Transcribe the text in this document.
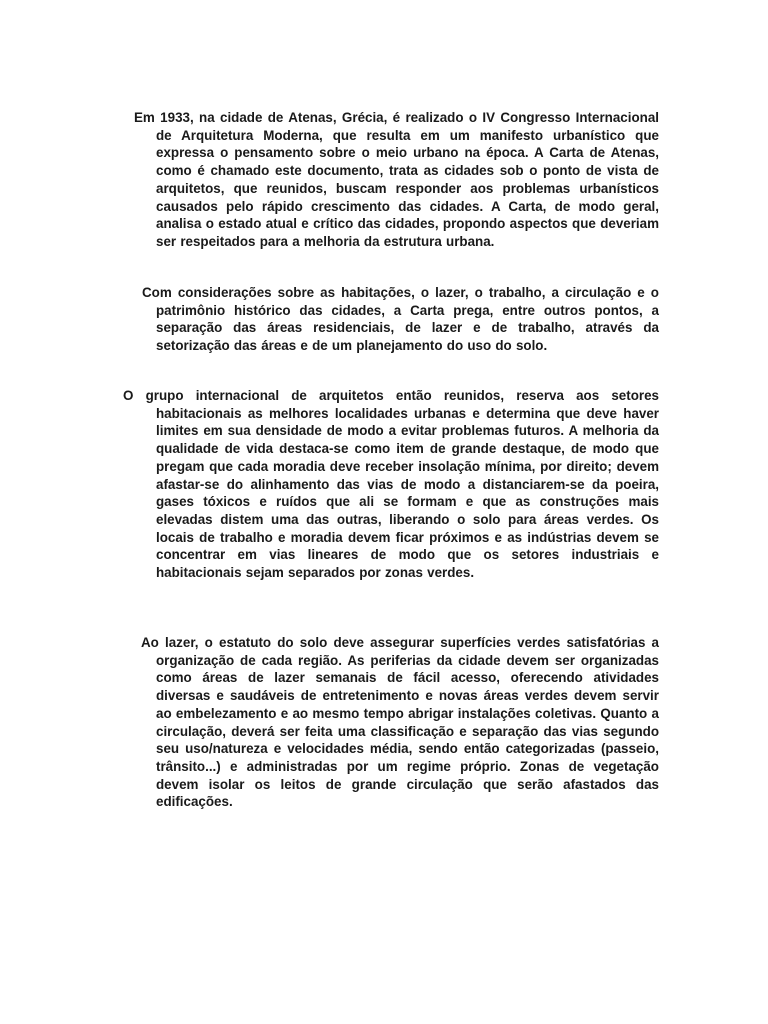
Em 1933, na cidade de Atenas, Grécia, é realizado o IV Congresso Internacional de Arquitetura Moderna, que resulta em um manifesto urbanístico que expressa o pensamento sobre o meio urbano na época. A Carta de Atenas, como é chamado este documento, trata as cidades sob o ponto de vista de arquitetos, que reunidos, buscam responder aos problemas urbanísticos causados pelo rápido crescimento das cidades. A Carta, de modo geral, analisa o estado atual e crítico das cidades, propondo aspectos que deveriam ser respeitados para a melhoria da estrutura urbana.

Com considerações sobre as habitações, o lazer, o trabalho, a circulação e o patrimônio histórico das cidades, a Carta prega, entre outros pontos, a separação das áreas residenciais, de lazer e de trabalho, através da setorização das áreas e de um planejamento do uso do solo.

O grupo internacional de arquitetos então reunidos, reserva aos setores habitacionais as melhores localidades urbanas e determina que deve haver limites em sua densidade de modo a evitar problemas futuros. A melhoria da qualidade de vida destaca-se como item de grande destaque, de modo que pregam que cada moradia deve receber insolação mínima, por direito; devem afastar-se do alinhamento das vias de modo a distanciarem-se da poeira, gases tóxicos e ruídos que ali se formam e que as construções mais elevadas distem uma das outras, liberando o solo para áreas verdes. Os locais de trabalho e moradia devem ficar próximos e as indústrias devem se concentrar em vias lineares de modo que os setores industriais e habitacionais sejam separados por zonas verdes.

Ao lazer, o estatuto do solo deve assegurar superfícies verdes satisfatórias a organização de cada região. As periferias da cidade devem ser organizadas como áreas de lazer semanais de fácil acesso, oferecendo atividades diversas e saudáveis de entretenimento e novas áreas verdes devem servir ao embelezamento e ao mesmo tempo abrigar instalações coletivas. Quanto a circulação, deverá ser feita uma classificação e separação das vias segundo seu uso/natureza e velocidades média, sendo então categorizadas (passeio, trânsito...) e administradas por um regime próprio. Zonas de vegetação devem isolar os leitos de grande circulação que serão afastados das edificações.
